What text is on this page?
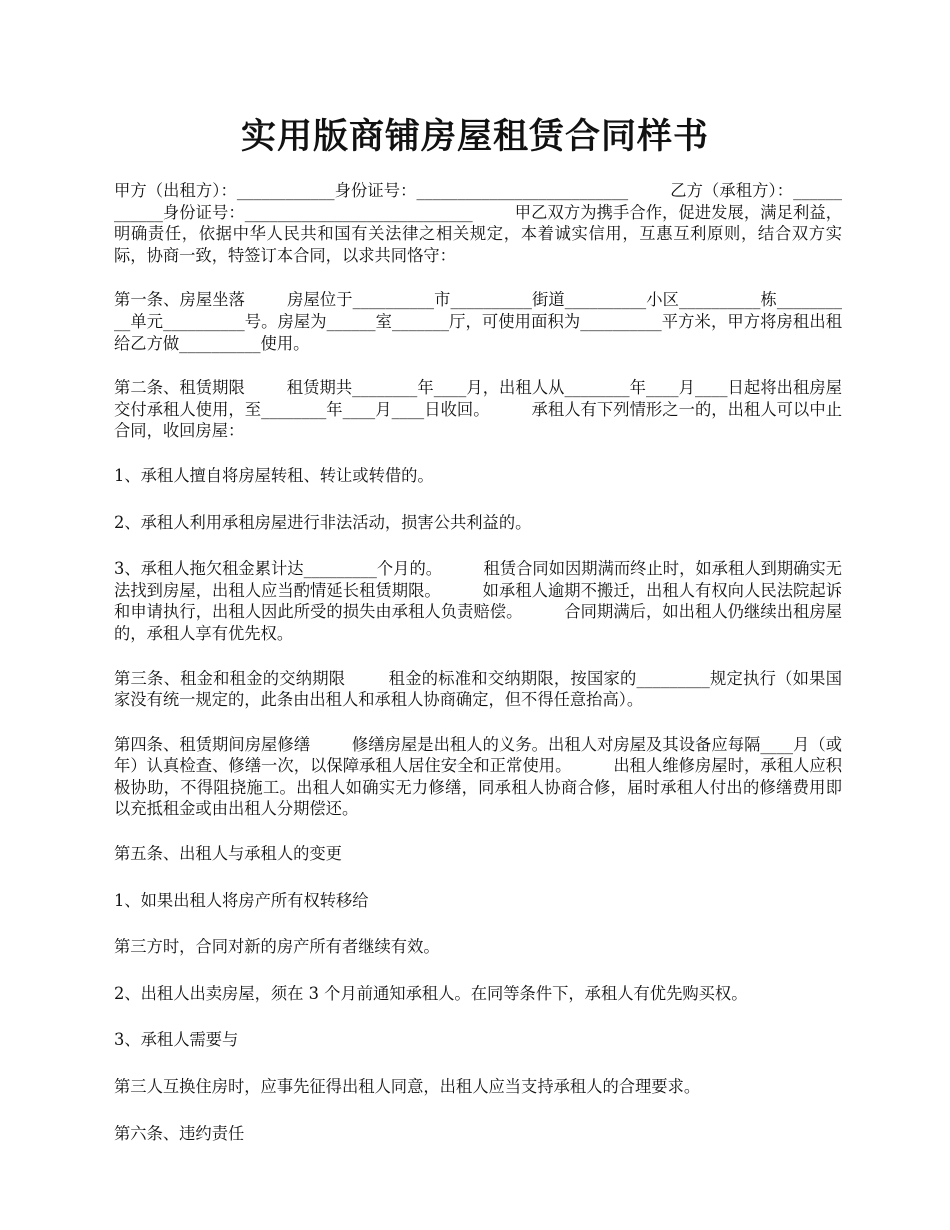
实用版商铺房屋租赁合同样书

甲方（出租方）：____________身份证号：__________________________        乙方（承租方）：____________身份证号：____________________________        甲乙双方为携手合作，促进发展，满足利益，明确责任，依据中华人民共和国有关法律之相关规定，本着诚实信用，互惠互利原则，结合双方实际，协商一致，特签订本合同，以求共同恪守：

第一条、房屋坐落        房屋位于__________市__________街道__________小区__________栋__________单元__________号。房屋为______室_______厅，可使用面积为__________平方米，甲方将房租出租给乙方做__________使用。

第二条、租赁期限        租赁期共________年____月，出租人从________年____月____日起将出租房屋交付承租人使用，至________年____月____日收回。        承租人有下列情形之一的，出租人可以中止合同，收回房屋：

1、承租人擅自将房屋转租、转让或转借的。

2、承租人利用承租房屋进行非法活动，损害公共利益的。

3、承租人拖欠租金累计达_________个月的。        租赁合同如因期满而终止时，如承租人到期确实无法找到房屋，出租人应当酌情延长租赁期限。        如承租人逾期不搬迁，出租人有权向人民法院起诉和申请执行，出租人因此所受的损失由承租人负责赔偿。        合同期满后，如出租人仍继续出租房屋的，承租人享有优先权。

第三条、租金和租金的交纳期限        租金的标准和交纳期限，按国家的_________规定执行（如果国家没有统一规定的，此条由出租人和承租人协商确定，但不得任意抬高）。

第四条、租赁期间房屋修缮        修缮房屋是出租人的义务。出租人对房屋及其设备应每隔____月（或年）认真检查、修缮一次，以保障承租人居住安全和正常使用。        出租人维修房屋时，承租人应积极协助，不得阻挠施工。出租人如确实无力修缮，同承租人协商合修，届时承租人付出的修缮费用即以充抵租金或由出租人分期偿还。

第五条、出租人与承租人的变更

1、如果出租人将房产所有权转移给

第三方时，合同对新的房产所有者继续有效。

2、出租人出卖房屋，须在 3 个月前通知承租人。在同等条件下，承租人有优先购买权。

3、承租人需要与

第三人互换住房时，应事先征得出租人同意，出租人应当支持承租人的合理要求。

第六条、违约责任
